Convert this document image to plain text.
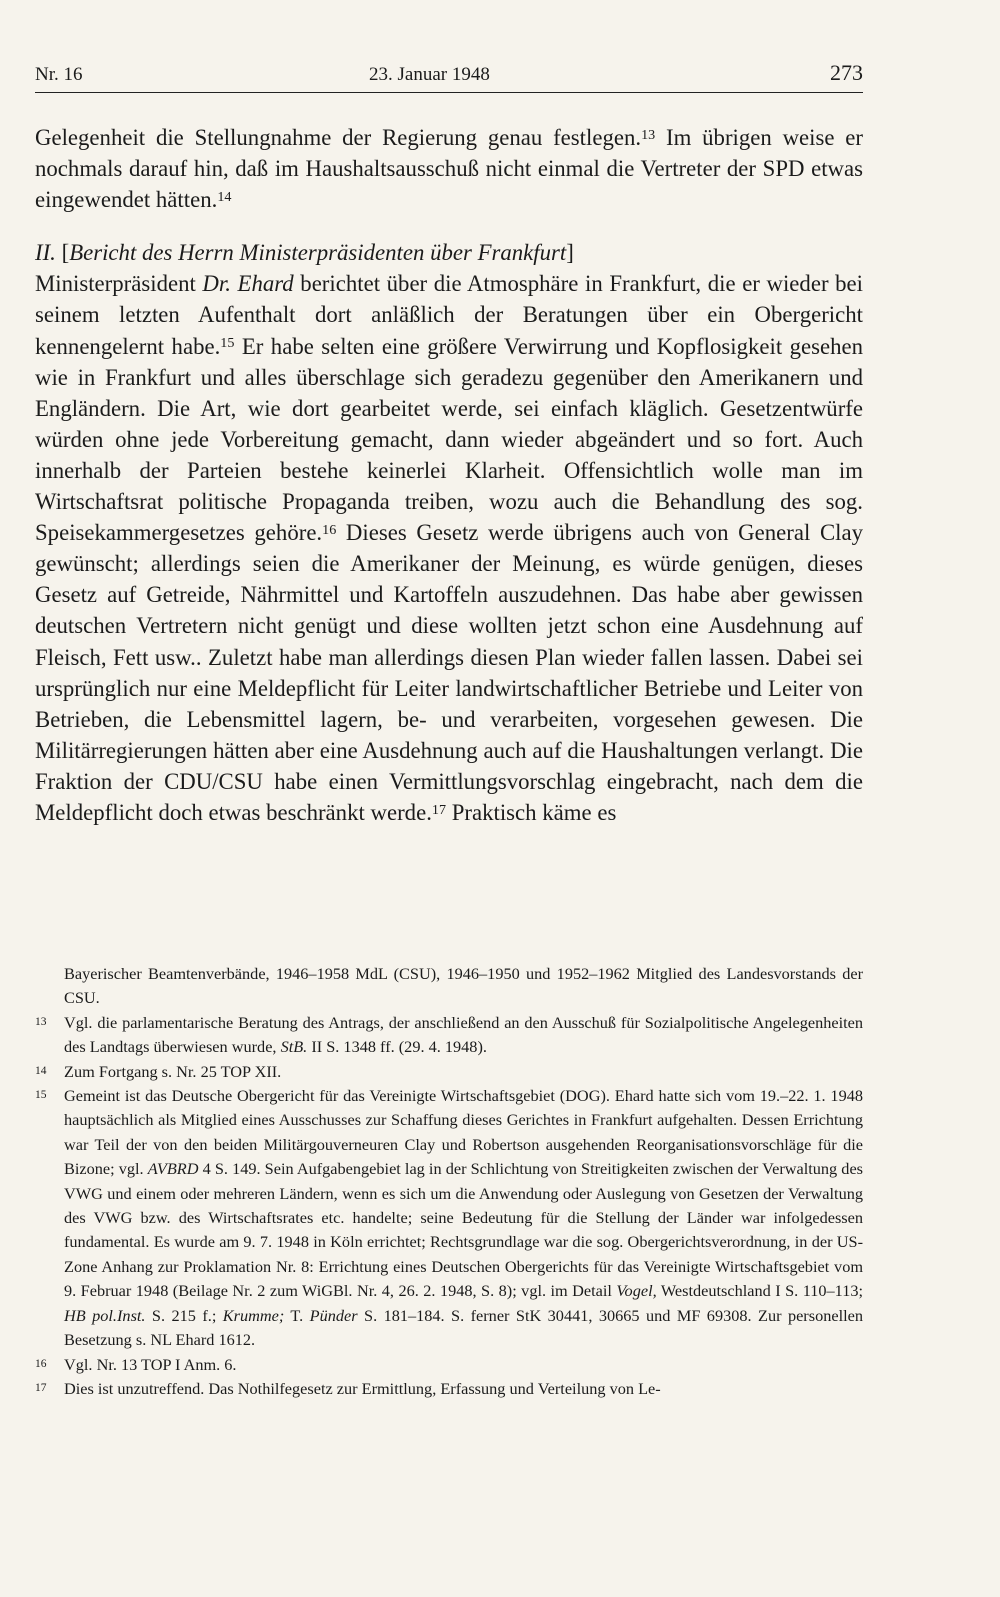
Nr. 16	23. Januar 1948	273

Gelegenheit die Stellungnahme der Regierung genau festlegen.$^{13}$ Im übrigen weise er nochmals darauf hin, daß im Haushaltsausschuß nicht einmal die Vertreter der SPD etwas eingewendet hätten.$^{14}$

II. [Bericht des Herrn Ministerpräsidenten über Frankfurt]

Ministerpräsident Dr. Ehard berichtet über die Atmosphäre in Frankfurt, die er wieder bei seinem letzten Aufenthalt dort anläßlich der Beratungen über ein Obergericht kennengelernt habe.$^{15}$ Er habe selten eine größere Verwirrung und Kopflosigkeit gesehen wie in Frankfurt und alles überschlage sich geradezu gegenüber den Amerikanern und Engländern. Die Art, wie dort gearbeitet werde, sei einfach kläglich. Gesetzentwürfe würden ohne jede Vorbereitung gemacht, dann wieder abgeändert und so fort. Auch innerhalb der Parteien bestehe keinerlei Klarheit. Offensichtlich wolle man im Wirtschaftsrat politische Propaganda treiben, wozu auch die Behandlung des sog. Speisekammergesetzes gehöre.$^{16}$ Dieses Gesetz werde übrigens auch von General Clay gewünscht; allerdings seien die Amerikaner der Meinung, es würde genügen, dieses Gesetz auf Getreide, Nährmittel und Kartoffeln auszudehnen. Das habe aber gewissen deutschen Vertretern nicht genügt und diese wollten jetzt schon eine Ausdehnung auf Fleisch, Fett usw.. Zuletzt habe man allerdings diesen Plan wieder fallen lassen. Dabei sei ursprünglich nur eine Meldepflicht für Leiter landwirtschaftlicher Betriebe und Leiter von Betrieben, die Lebensmittel lagern, be- und verarbeiten, vorgesehen gewesen. Die Militärregierungen hätten aber eine Ausdehnung auch auf die Haushaltungen verlangt. Die Fraktion der CDU/CSU habe einen Vermittlungsvorschlag eingebracht, nach dem die Meldepflicht doch etwas beschränkt werde.$^{17}$ Praktisch käme es

Bayerischer Beamtenverbände, 1946–1958 MdL (CSU), 1946–1950 und 1952–1962 Mitglied des Landesvorstands der CSU.

13 Vgl. die parlamentarische Beratung des Antrags, der anschließend an den Ausschuß für Sozialpolitische Angelegenheiten des Landtags überwiesen wurde, StB. II S. 1348 ff. (29. 4. 1948).

14 Zum Fortgang s. Nr. 25 TOP XII.

15 Gemeint ist das Deutsche Obergericht für das Vereinigte Wirtschaftsgebiet (DOG). Ehard hatte sich vom 19.–22. 1. 1948 hauptsächlich als Mitglied eines Ausschusses zur Schaffung dieses Gerichtes in Frankfurt aufgehalten. Dessen Errichtung war Teil der von den beiden Militärgouverneuren Clay und Robertson ausgehenden Reorganisationsvorschläge für die Bizone; vgl. AVBRD 4 S. 149. Sein Aufgabengebiet lag in der Schlichtung von Streitigkeiten zwischen der Verwaltung des VWG und einem oder mehreren Ländern, wenn es sich um die Anwendung oder Auslegung von Gesetzen der Verwaltung des VWG bzw. des Wirtschaftsrates etc. handelte; seine Bedeutung für die Stellung der Länder war infolgedessen fundamental. Es wurde am 9. 7. 1948 in Köln errichtet; Rechtsgrundlage war die sog. Obergerichtsverordnung, in der US-Zone Anhang zur Proklamation Nr. 8: Errichtung eines Deutschen Obergerichts für das Vereinigte Wirtschaftsgebiet vom 9. Februar 1948 (Beilage Nr. 2 zum WiGBl. Nr. 4, 26. 2. 1948, S. 8); vgl. im Detail Vogel, Westdeutschland I S. 110–113; HB pol.Inst. S. 215 f.; Krumme; T. Pünder S. 181–184. S. ferner StK 30441, 30665 und MF 69308. Zur personellen Besetzung s. NL Ehard 1612.

16 Vgl. Nr. 13 TOP I Anm. 6.

17 Dies ist unzutreffend. Das Nothilfegesetz zur Ermittlung, Erfassung und Verteilung von Le-
